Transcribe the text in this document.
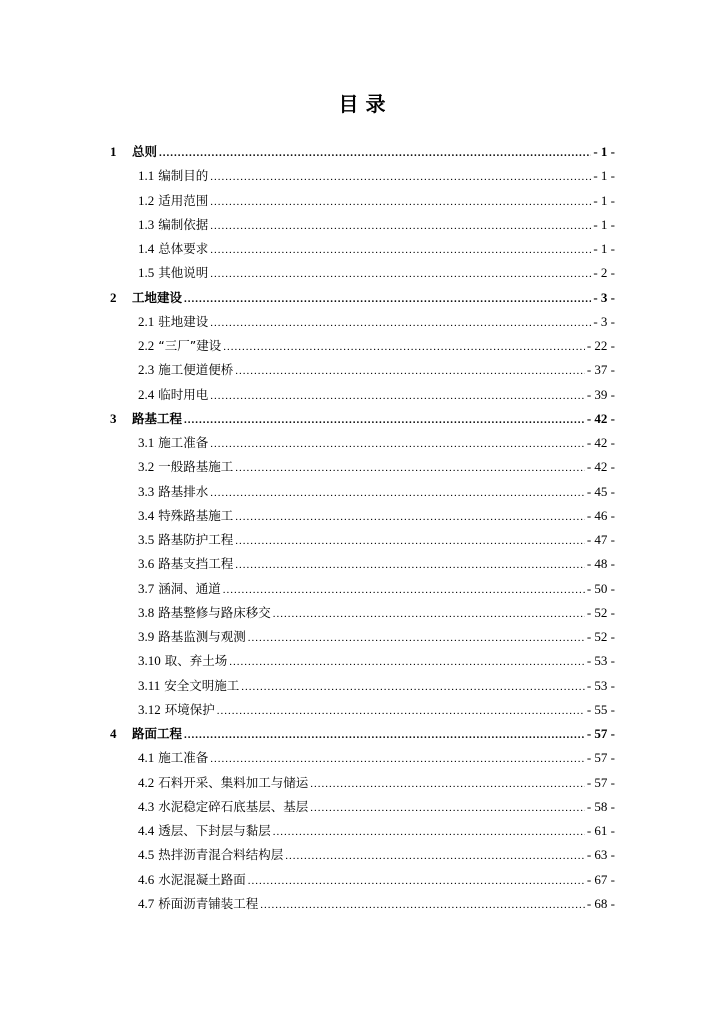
目 录
1	总则 .....	- 1 -
1.1 编制目的 .....	- 1 -
1.2 适用范围 .....	- 1 -
1.3 编制依据 .....	- 1 -
1.4 总体要求 .....	- 1 -
1.5 其他说明 .....	- 2 -
2	工地建设 .....	- 3 -
2.1 驻地建设 .....	- 3 -
2.2 “三厂”建设 .....	- 22 -
2.3 施工便道便桥 .....	- 37 -
2.4 临时用电 .....	- 39 -
3	路基工程 .....	- 42 -
3.1 施工准备 .....	- 42 -
3.2 一般路基施工 .....	- 42 -
3.3 路基排水 .....	- 45 -
3.4 特殊路基施工 .....	- 46 -
3.5 路基防护工程 .....	- 47 -
3.6 路基支挡工程 .....	- 48 -
3.7 涵洞、通道 .....	- 50 -
3.8 路基整修与路床移交 .....	- 52 -
3.9 路基监测与观测 .....	- 52 -
3.10 取、弃土场 .....	- 53 -
3.11 安全文明施工 .....	- 53 -
3.12 环境保护 .....	- 55 -
4	路面工程 .....	- 57 -
4.1 施工准备 .....	- 57 -
4.2 石料开采、集料加工与储运 .....	- 57 -
4.3 水泥稳定碎石底基层、基层 .....	- 58 -
4.4 透层、下封层与黏层 .....	- 61 -
4.5 热拌沥青混合料结构层 .....	- 63 -
4.6 水泥混凝土路面 .....	- 67 -
4.7 桥面沥青铺装工程 .....	- 68 -
